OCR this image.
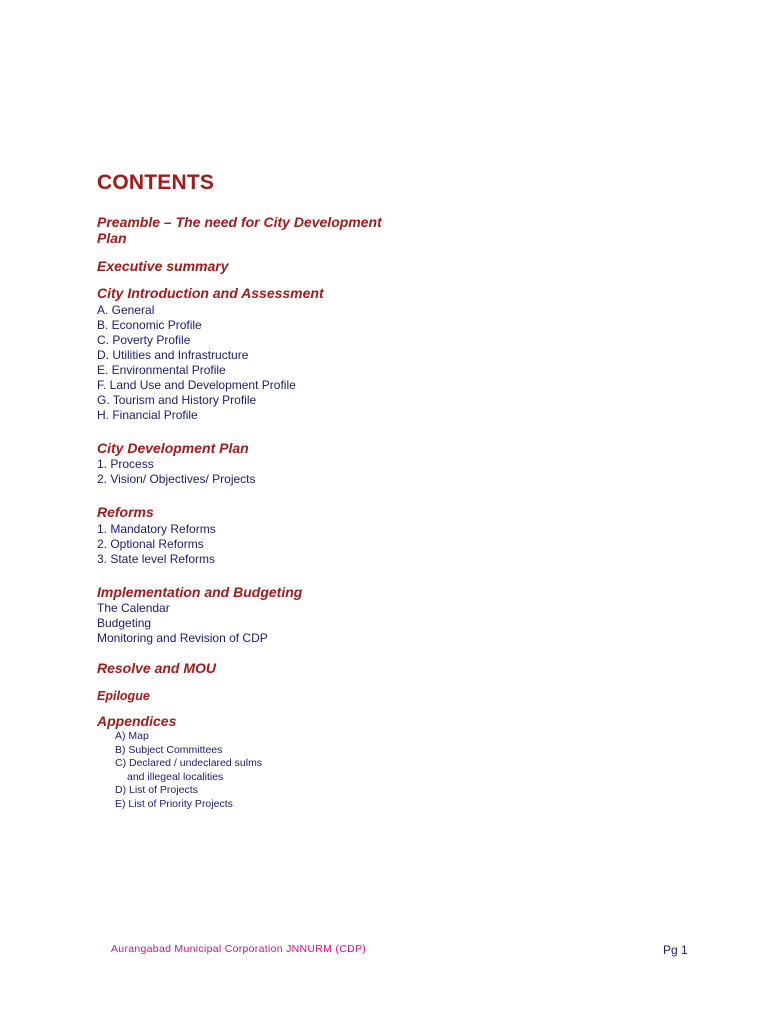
CONTENTS
Preamble – The need for City Development
Plan
Executive summary
City Introduction and Assessment
A. General
B. Economic Profile
C. Poverty Profile
D. Utilities and Infrastructure
E. Environmental Profile
F. Land Use and Development Profile
G. Tourism and History Profile
H. Financial Profile
City Development Plan
1. Process
2. Vision/ Objectives/ Projects
Reforms
1. Mandatory Reforms
2. Optional Reforms
3. State level Reforms
Implementation and Budgeting
The Calendar
Budgeting
Monitoring and Revision of CDP
Resolve and MOU
Epilogue
Appendices
A) Map
B) Subject Committees
C) Declared / undeclared sulms
and illegeal localities
D) List of Projects
E) List of Priority Projects
Aurangabad Municipal Corporation JNNURM (CDP)	Pg 1
